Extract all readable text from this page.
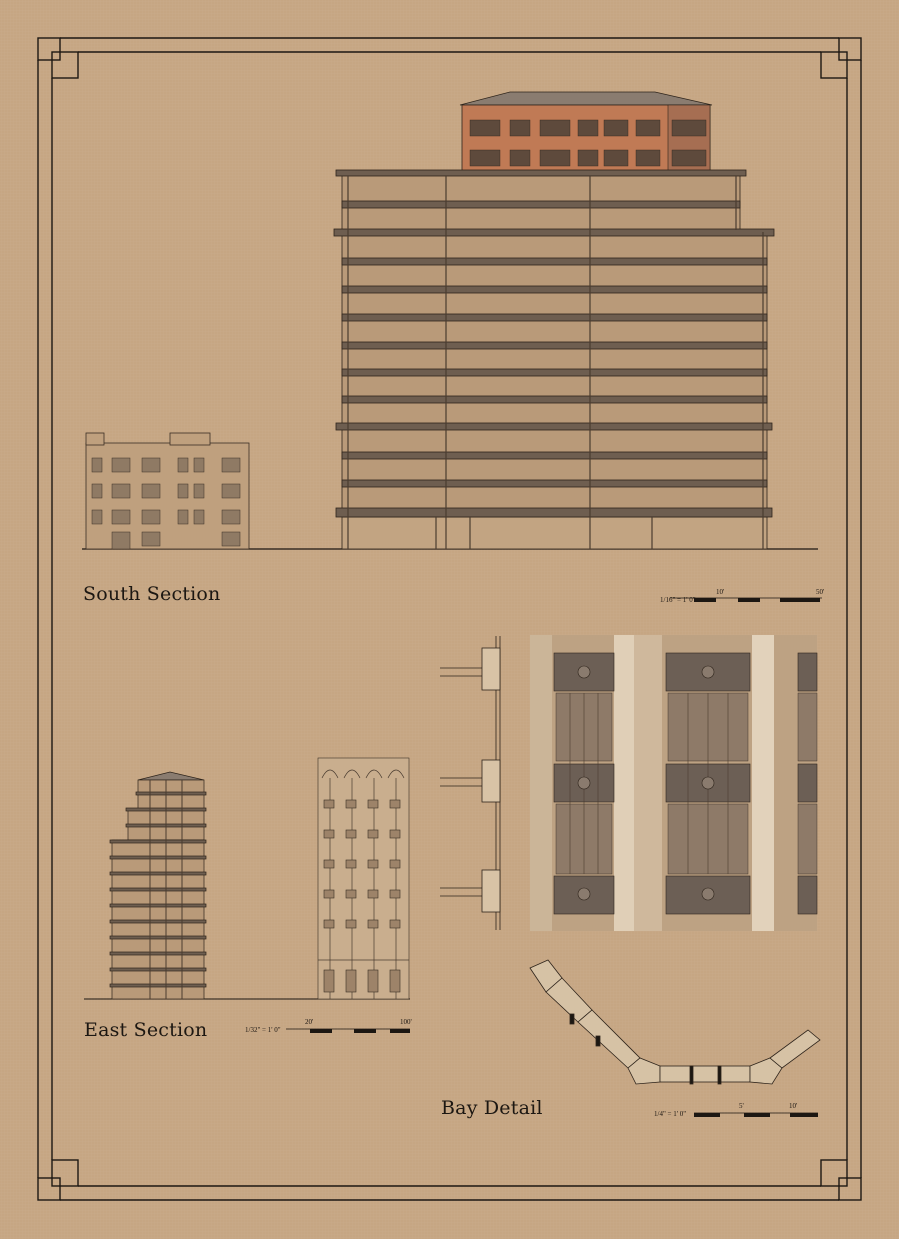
South Section	1/16" = 1' 0"
10'	50'
East Section	1/32" = 1' 0"
20'	100'
Bay Detail	1/4" = 1' 0"
5'	10'
